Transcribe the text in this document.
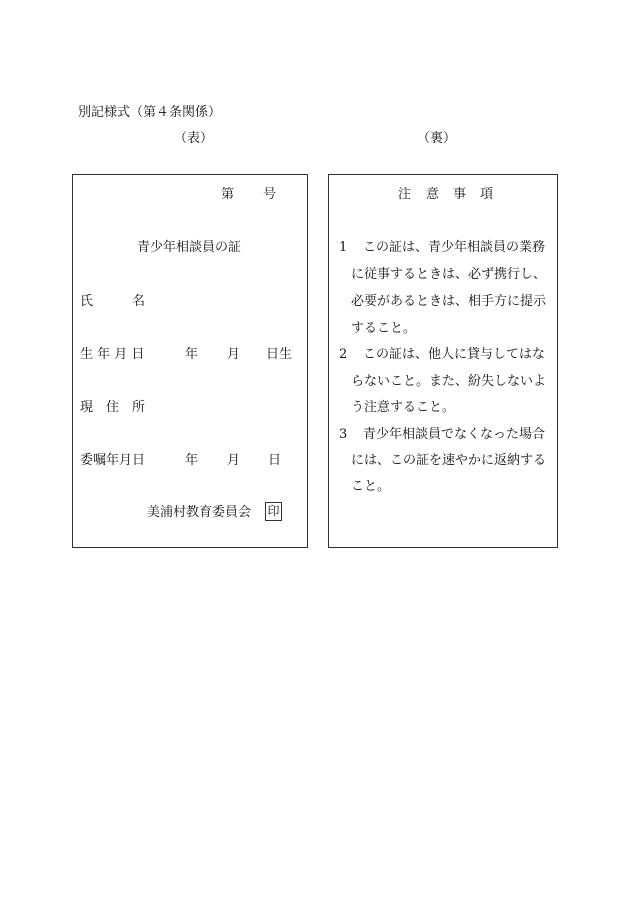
別記様式（第４条関係）
（表）	（裏）
第 号
青少年相談員の証
氏	名
生 年 月 日	年 月 日生
現 住 所
委嘱年月日	年 月 日
美浦村教育委員会 印
注 意 事 項
1 この証は、青少年相談員の業務
に従事するときは、必ず携行し、
必要があるときは、相手方に提示
すること。
2 この証は、他人に貸与してはな
らないこと。また、紛失しないよ
う注意すること。
3 青少年相談員でなくなった場合
には、この証を速やかに返納する
こと。
